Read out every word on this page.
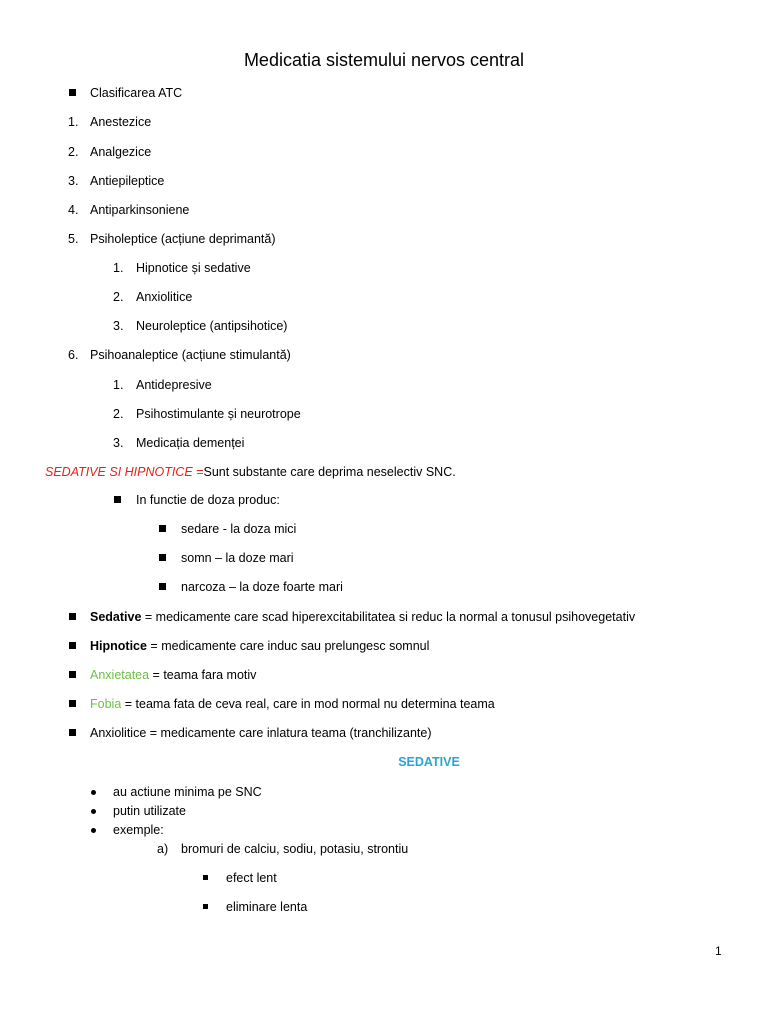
Medicatia sistemului nervos central
Clasificarea ATC
1. Anestezice
2. Analgezice
3. Antiepileptice
4. Antiparkinsoniene
5. Psiholeptice (acțiune deprimantă)
1. Hipnotice și sedative
2. Anxiolitice
3. Neuroleptice (antipsihotice)
6. Psihoanaleptice (acțiune stimulantă)
1. Antidepresive
2. Psihostimulante și neurotrope
3. Medicația demenței
SEDATIVE SI HIPNOTICE =Sunt substante care deprima neselectiv SNC.
In functie de doza produc:
sedare - la doza mici
somn – la doze mari
narcoza – la doze foarte mari
Sedative = medicamente care scad hiperexcitabilitatea si reduc la normal a tonusul psihovegetativ
Hipnotice = medicamente care induc sau prelungesc somnul
Anxietatea = teama fara motiv
Fobia = teama fata de ceva real, care in mod normal nu determina teama
Anxiolitice = medicamente care inlatura teama (tranchilizante)
SEDATIVE
au actiune minima pe SNC
putin utilizate
exemple:
a) bromuri de calciu, sodiu, potasiu, strontiu
efect lent
eliminare lenta
1
